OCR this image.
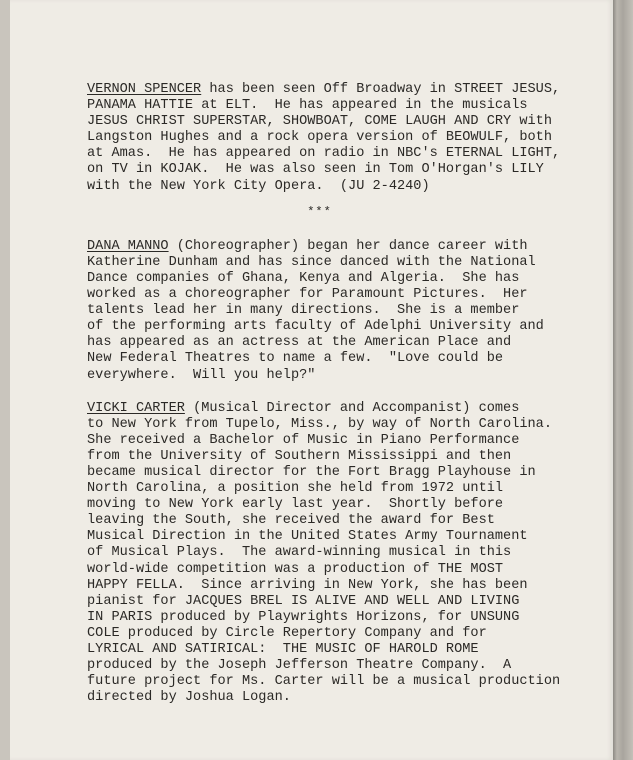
VERNON SPENCER has been seen Off Broadway in STREET JESUS,
PANAMA HATTIE at ELT.  He has appeared in the musicals
JESUS CHRIST SUPERSTAR, SHOWBOAT, COME LAUGH AND CRY with
Langston Hughes and a rock opera version of BEOWULF, both
at Amas.  He has appeared on radio in NBC's ETERNAL LIGHT,
on TV in KOJAK.  He was also seen in Tom O'Horgan's LILY
with the New York City Opera.  (JU 2-4240)

***

DANA MANNO (Choreographer) began her dance career with
Katherine Dunham and has since danced with the National
Dance companies of Ghana, Kenya and Algeria.  She has
worked as a choreographer for Paramount Pictures.  Her
talents lead her in many directions.  She is a member
of the performing arts faculty of Adelphi University and
has appeared as an actress at the American Place and
New Federal Theatres to name a few.  "Love could be
everywhere.  Will you help?"

VICKI CARTER (Musical Director and Accompanist) comes
to New York from Tupelo, Miss., by way of North Carolina.
She received a Bachelor of Music in Piano Performance
from the University of Southern Mississippi and then
became musical director for the Fort Bragg Playhouse in
North Carolina, a position she held from 1972 until
moving to New York early last year.  Shortly before
leaving the South, she received the award for Best
Musical Direction in the United States Army Tournament
of Musical Plays.  The award-winning musical in this
world-wide competition was a production of THE MOST
HAPPY FELLA.  Since arriving in New York, she has been
pianist for JACQUES BREL IS ALIVE AND WELL AND LIVING
IN PARIS produced by Playwrights Horizons, for UNSUNG
COLE produced by Circle Repertory Company and for
LYRICAL AND SATIRICAL:  THE MUSIC OF HAROLD ROME
produced by the Joseph Jefferson Theatre Company.  A
future project for Ms. Carter will be a musical production
directed by Joshua Logan.
